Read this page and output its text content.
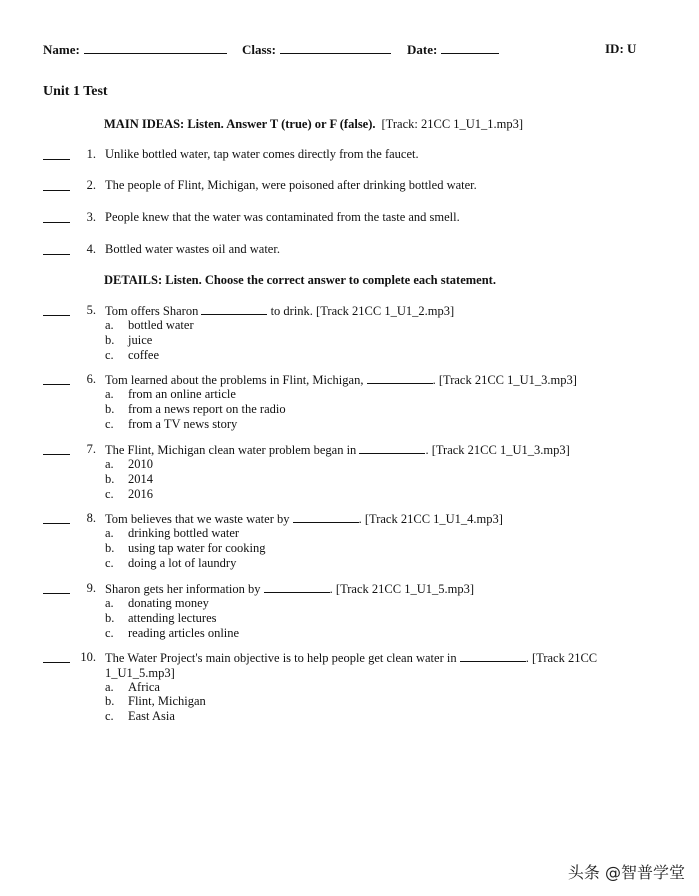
Name:	Class:	Date:	ID: U
Unit 1 Test
MAIN IDEAS: Listen. Answer T (true) or F (false). [Track: 21CC 1_U1_1.mp3]
1. Unlike bottled water, tap water comes directly from the faucet.
2. The people of Flint, Michigan, were poisoned after drinking bottled water.
3. People knew that the water was contaminated from the taste and smell.
4. Bottled water wastes oil and water.
DETAILS: Listen. Choose the correct answer to complete each statement.
5. Tom offers Sharon	to drink. [Track 21CC 1_U1_2.mp3]
a. bottled water
b. juice
c. coffee
6. Tom learned about the problems in Flint, Michigan,	. [Track 21CC 1_U1_3.mp3]
a. from an online article
b. from a news report on the radio
c. from a TV news story
7. The Flint, Michigan clean water problem began in	. [Track 21CC 1_U1_3.mp3]
a. 2010
b. 2014
c. 2016
8. Tom believes that we waste water by	. [Track 21CC 1_U1_4.mp3]
a. drinking bottled water
b. using tap water for cooking
c. doing a lot of laundry
9. Sharon gets her information by	. [Track 21CC 1_U1_5.mp3]
a. donating money
b. attending lectures
c. reading articles online
10. The Water Project's main objective is to help people get clean water in	. [Track 21CC 1_U1_5.mp3]
a. Africa
b. Flint, Michigan
c. East Asia
头条 @智普学堂
